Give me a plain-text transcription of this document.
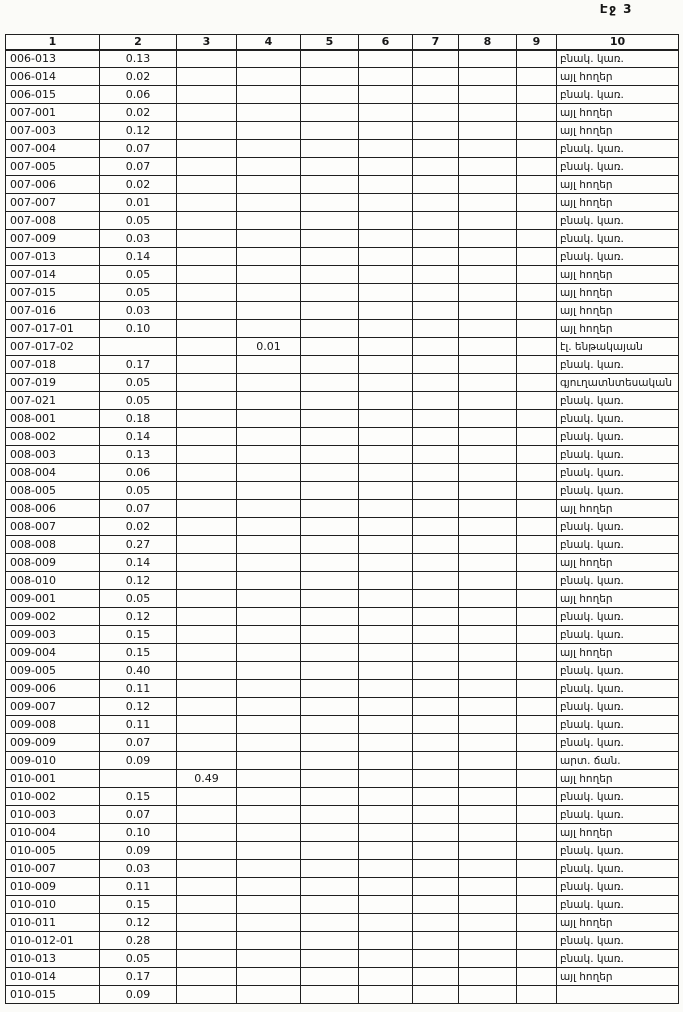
Էջ 3
1	2	3	4	5	6	7	8	9	10
006-013	0.13								բնակ. կառ.
006-014	0.02								այլ հողեր
006-015	0.06								բնակ. կառ.
007-001	0.02								այլ հողեր
007-003	0.12								այլ հողեր
007-004	0.07								բնակ. կառ.
007-005	0.07								բնակ. կառ.
007-006	0.02								այլ հողեր
007-007	0.01								այլ հողեր
007-008	0.05								բնակ. կառ.
007-009	0.03								բնակ. կառ.
007-013	0.14								բնակ. կառ.
007-014	0.05								այլ հողեր
007-015	0.05								այլ հողեր
007-016	0.03								այլ հողեր
007-017-01	0.10								այլ հողեր
007-017-02			0.01						էլ. ենթակայան
007-018	0.17								բնակ. կառ.
007-019	0.05								գյուղատնտեսական
007-021	0.05								բնակ. կառ.
008-001	0.18								բնակ. կառ.
008-002	0.14								բնակ. կառ.
008-003	0.13								բնակ. կառ.
008-004	0.06								բնակ. կառ.
008-005	0.05								բնակ. կառ.
008-006	0.07								այլ հողեր
008-007	0.02								բնակ. կառ.
008-008	0.27								բնակ. կառ.
008-009	0.14								այլ հողեր
008-010	0.12								բնակ. կառ.
009-001	0.05								այլ հողեր
009-002	0.12								բնակ. կառ.
009-003	0.15								բնակ. կառ.
009-004	0.15								այլ հողեր
009-005	0.40								բնակ. կառ.
009-006	0.11								բնակ. կառ.
009-007	0.12								բնակ. կառ.
009-008	0.11								բնակ. կառ.
009-009	0.07								բնակ. կառ.
009-010	0.09								արտ. ճան.
010-001		0.49							այլ հողեր
010-002	0.15								բնակ. կառ.
010-003	0.07								բնակ. կառ.
010-004	0.10								այլ հողեր
010-005	0.09								բնակ. կառ.
010-007	0.03								բնակ. կառ.
010-009	0.11								բնակ. կառ.
010-010	0.15								բնակ. կառ.
010-011	0.12								այլ հողեր
010-012-01	0.28								բնակ. կառ.
010-013	0.05								բնակ. կառ.
010-014	0.17								այլ հողեր
010-015	0.09								
